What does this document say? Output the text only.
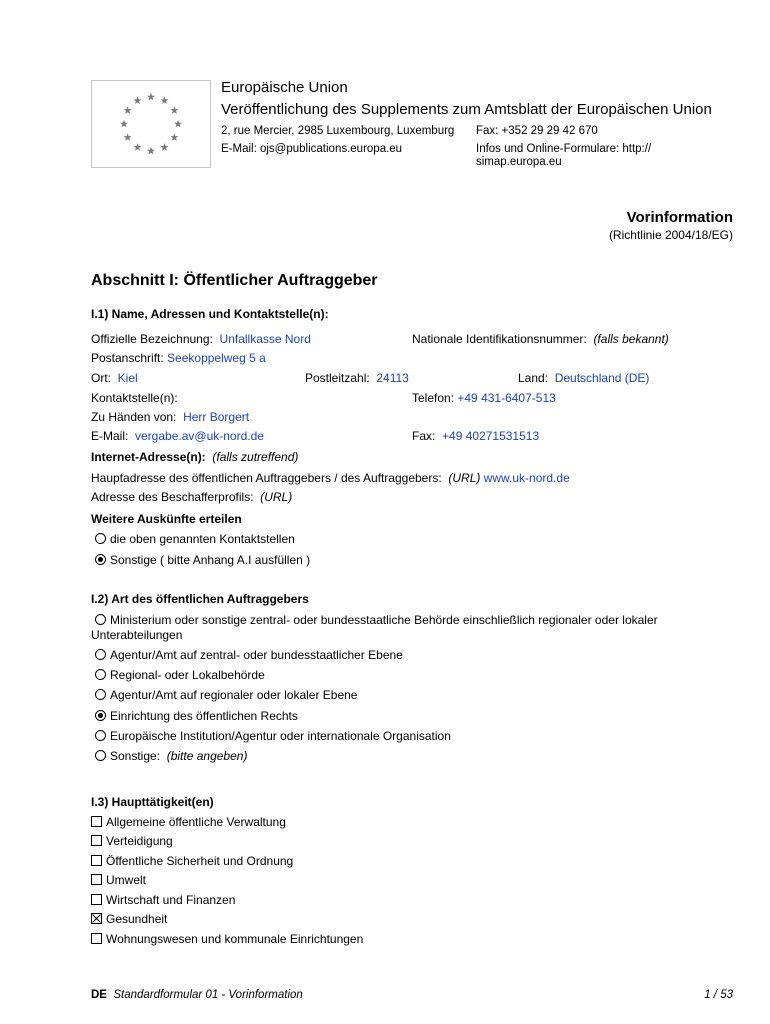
Europäische Union
Veröffentlichung des Supplements zum Amtsblatt der Europäischen Union
2, rue Mercier, 2985 Luxembourg, Luxemburg Fax: +352 29 29 42 670
E-Mail: ojs@publications.europa.eu	Infos und Online-Formulare: http://
simap.europa.eu
Vorinformation
(Richtlinie 2004/18/EG)
Abschnitt I: Öffentlicher Auftraggeber
I.1) Name, Adressen und Kontaktstelle(n):
Offizielle Bezeichnung: Unfallkasse Nord	Nationale Identifikationsnummer: (falls bekannt)
Postanschrift: Seekoppelweg 5 a
Ort: Kiel	Postleitzahl: 24113	Land: Deutschland (DE)
Kontaktstelle(n):	Telefon: +49 431-6407-513
Zu Händen von: Herr Borgert
E-Mail: vergabe.av@uk-nord.de	Fax: +49 40271531513
Internet-Adresse(n): (falls zutreffend)
Hauptadresse des öffentlichen Auftraggebers / des Auftraggebers: (URL) www.uk-nord.de
Adresse des Beschafferprofils: (URL)
Weitere Auskünfte erteilen
die oben genannten Kontaktstellen
Sonstige ( bitte Anhang A.I ausfüllen )
I.2) Art des öffentlichen Auftraggebers
Ministerium oder sonstige zentral- oder bundesstaatliche Behörde einschließlich regionaler oder lokaler
Unterabteilungen
Agentur/Amt auf zentral- oder bundesstaatlicher Ebene
Regional- oder Lokalbehörde
Agentur/Amt auf regionaler oder lokaler Ebene
Einrichtung des öffentlichen Rechts
Europäische Institution/Agentur oder internationale Organisation
Sonstige: (bitte angeben)
I.3) Haupttätigkeit(en)
Allgemeine öffentliche Verwaltung
Verteidigung
Öffentliche Sicherheit und Ordnung
Umwelt
Wirtschaft und Finanzen
Gesundheit
Wohnungswesen und kommunale Einrichtungen
DE Standardformular 01 - Vorinformation	1 / 53
